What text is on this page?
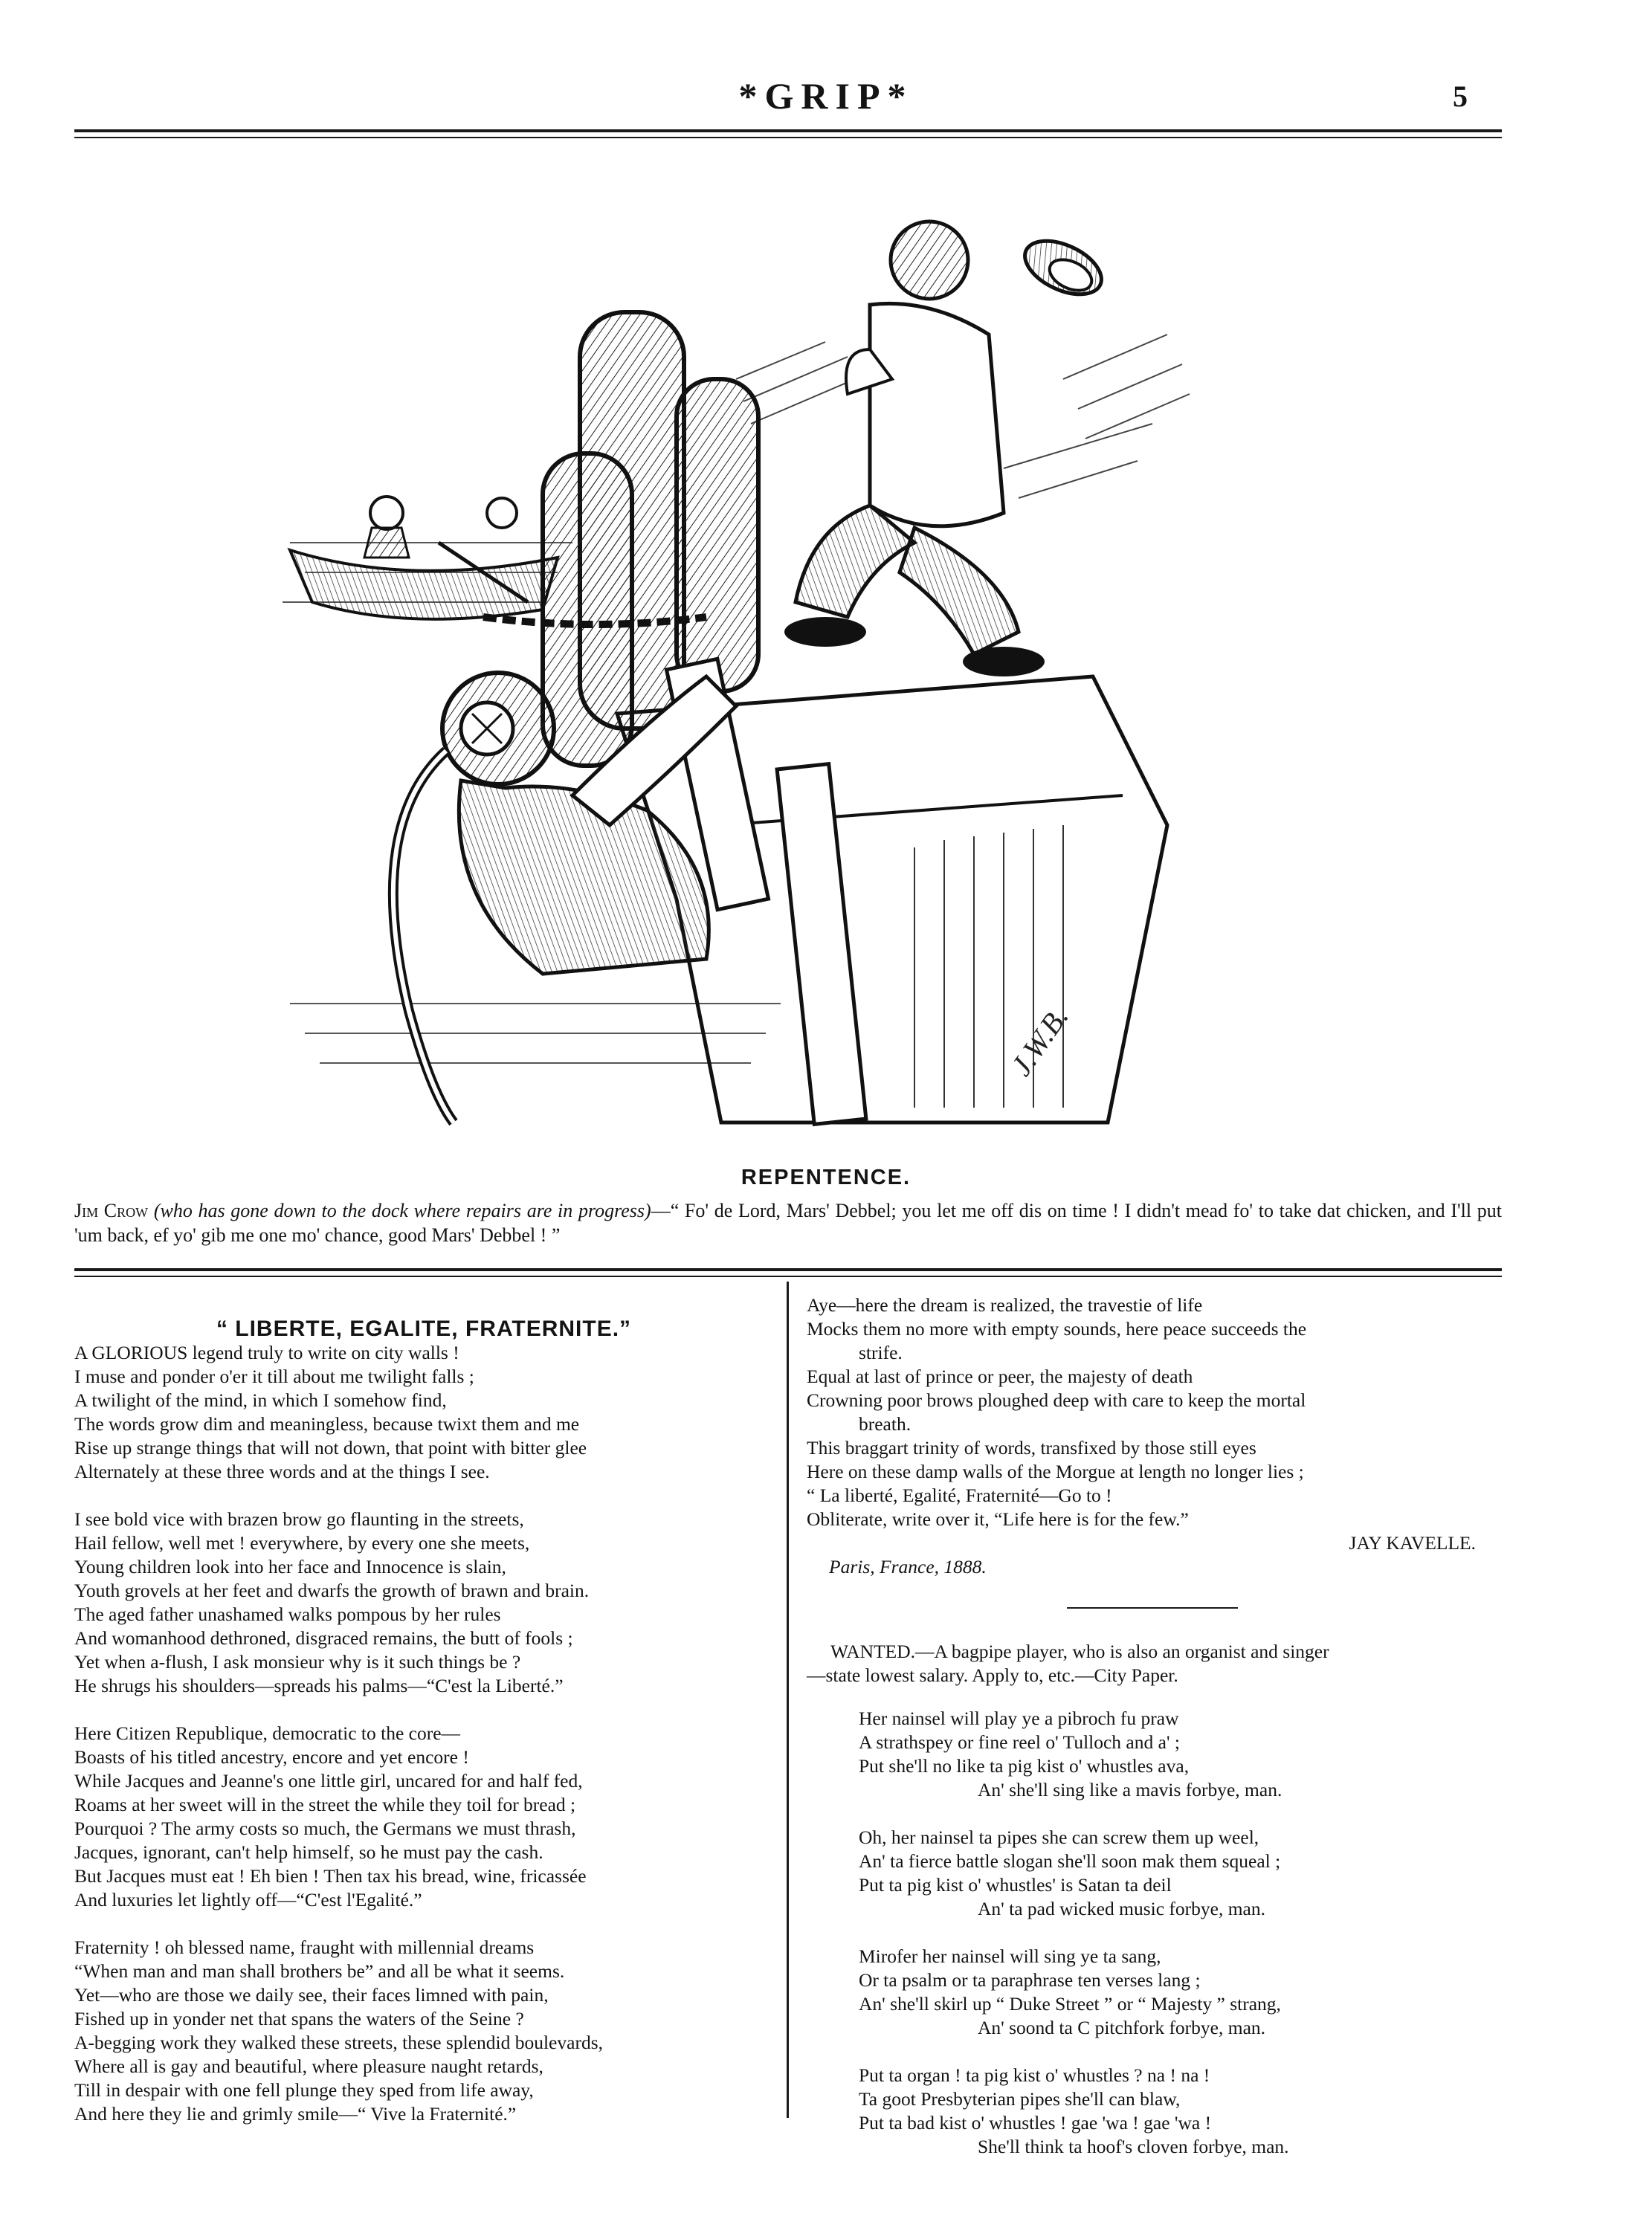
*GRIP*	5
J.W.B.
REPENTENCE.
Jim Crow (who has gone down to the dock where repairs are in progress)—“ Fo' de Lord, Mars' Debbel; you let me off dis on time ! I didn't mead fo' to take dat chicken, and I'll put 'um back, ef yo' gib me one mo' chance, good Mars' Debbel ! ”

“ LIBERTE, EGALITE, FRATERNITE.”

A GLORIOUS legend truly to write on city walls !

I muse and ponder o'er it till about me twilight falls ;

A twilight of the mind, in which I somehow find,

The words grow dim and meaningless, because twixt them and me

Rise up strange things that will not down, that point with bitter glee

Alternately at these three words and at the things I see.

I see bold vice with brazen brow go flaunting in the streets,

Hail fellow, well met ! everywhere, by every one she meets,

Young children look into her face and Innocence is slain,

Youth grovels at her feet and dwarfs the growth of brawn and brain.

The aged father unashamed walks pompous by her rules

And womanhood dethroned, disgraced remains, the butt of fools ;

Yet when a-flush, I ask monsieur why is it such things be ?

He shrugs his shoulders—spreads his palms—“C'est la Liberté.”

Here Citizen Republique, democratic to the core—

Boasts of his titled ancestry, encore and yet encore !

While Jacques and Jeanne's one little girl, uncared for and half fed,

Roams at her sweet will in the street the while they toil for bread ;

Pourquoi ? The army costs so much, the Germans we must thrash,

Jacques, ignorant, can't help himself, so he must pay the cash.

But Jacques must eat ! Eh bien ! Then tax his bread, wine, fricassée

And luxuries let lightly off—“C'est l'Egalité.”

Fraternity ! oh blessed name, fraught with millennial dreams

“When man and man shall brothers be” and all be what it seems.

Yet—who are those we daily see, their faces limned with pain,

Fished up in yonder net that spans the waters of the Seine ?

A-begging work they walked these streets, these splendid boulevards,

Where all is gay and beautiful, where pleasure naught retards,

Till in despair with one fell plunge they sped from life away,

And here they lie and grimly smile—“ Vive la Fraternité.”

Aye—here the dream is realized, the travestie of life

Mocks them no more with empty sounds, here peace succeeds the

strife.

Equal at last of prince or peer, the majesty of death

Crowning poor brows ploughed deep with care to keep the mortal

breath.

This braggart trinity of words, transfixed by those still eyes

Here on these damp walls of the Morgue at length no longer lies ;

“ La liberté, Egalité, Fraternité—Go to !

Obliterate, write over it, “Life here is for the few.”

JAY KAVELLE.

Paris, France, 1888.

WANTED.—A bagpipe player, who is also an organist and singer

—state lowest salary. Apply to, etc.—City Paper.

Her nainsel will play ye a pibroch fu praw

A strathspey or fine reel o' Tulloch and a' ;

Put she'll no like ta pig kist o' whustles ava,

An' she'll sing like a mavis forbye, man.

Oh, her nainsel ta pipes she can screw them up weel,

An' ta fierce battle slogan she'll soon mak them squeal ;

Put ta pig kist o' whustles' is Satan ta deil

An' ta pad wicked music forbye, man.

Mirofer her nainsel will sing ye ta sang,

Or ta psalm or ta paraphrase ten verses lang ;

An' she'll skirl up “ Duke Street ” or “ Majesty ” strang,

An' soond ta C pitchfork forbye, man.

Put ta organ ! ta pig kist o' whustles ? na ! na !

Ta goot Presbyterian pipes she'll can blaw,

Put ta bad kist o' whustles ! gae 'wa ! gae 'wa !

She'll think ta hoof's cloven forbye, man.
